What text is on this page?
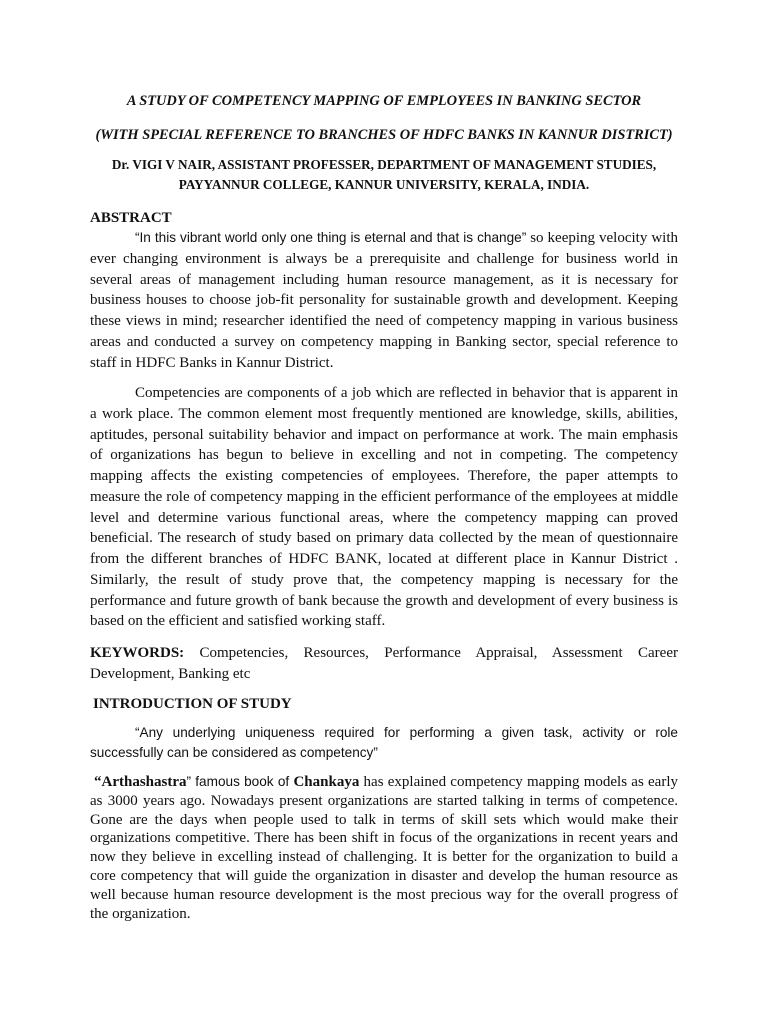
A STUDY OF COMPETENCY MAPPING OF EMPLOYEES IN BANKING SECTOR

(WITH SPECIAL REFERENCE TO BRANCHES OF HDFC BANKS IN KANNUR DISTRICT)

Dr. VIGI V NAIR, ASSISTANT PROFESSER, DEPARTMENT OF MANAGEMENT STUDIES,
PAYYANNUR COLLEGE, KANNUR UNIVERSITY, KERALA, INDIA.
ABSTRACT

“In this vibrant world only one thing is eternal and that is change” so keeping velocity with ever changing environment is always be a prerequisite and challenge for business world in several areas of management including human resource management, as it is necessary for business houses to choose job-fit personality for sustainable growth and development. Keeping these views in mind; researcher identified the need of competency mapping in various business areas and conducted a survey on competency mapping in Banking sector, special reference to staff in HDFC Banks in Kannur District.

Competencies are components of a job which are reflected in behavior that is apparent in a work place. The common element most frequently mentioned are knowledge, skills, abilities, aptitudes, personal suitability behavior and impact on performance at work. The main emphasis of organizations has begun to believe in excelling and not in competing. The competency mapping affects the existing competencies of employees. Therefore, the paper attempts to measure the role of competency mapping in the efficient performance of the employees at middle level and determine various functional areas, where the competency mapping can proved beneficial. The research of study based on primary data collected by the mean of questionnaire from the different branches of HDFC BANK, located at different place in Kannur District . Similarly, the result of study prove that, the competency mapping is necessary for the performance and future growth of bank because the growth and development of every business is based on the efficient and satisfied working staff.

KEYWORDS: Competencies, Resources, Performance Appraisal, Assessment Career Development, Banking etc

INTRODUCTION OF STUDY

“Any underlying uniqueness required for performing a given task, activity or role successfully can be considered as competency”

“Arthashastra” famous book of Chankaya has explained competency mapping models as early as 3000 years ago. Nowadays present organizations are started talking in terms of competence. Gone are the days when people used to talk in terms of skill sets which would make their organizations competitive. There has been shift in focus of the organizations in recent years and now they believe in excelling instead of challenging. It is better for the organization to build a core competency that will guide the organization in disaster and develop the human resource as well because human resource development is the most precious way for the overall progress of the organization.
